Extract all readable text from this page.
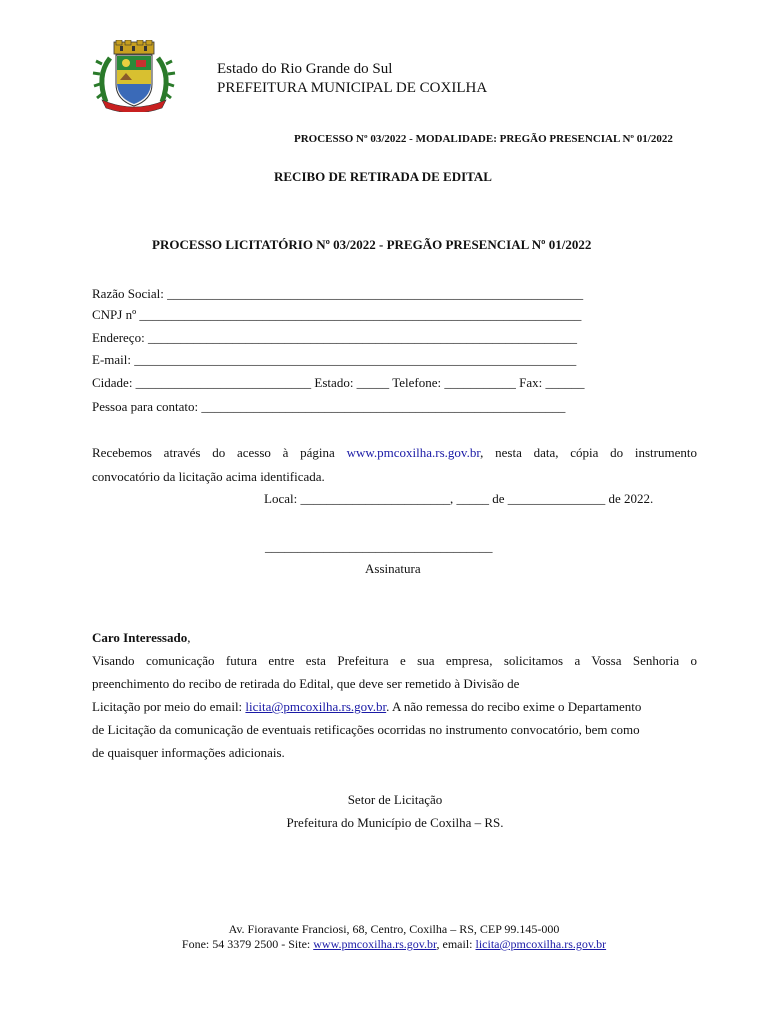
Estado do Rio Grande do Sul
PREFEITURA MUNICIPAL DE COXILHA
PROCESSO Nº 03/2022 - MODALIDADE: PREGÃO PRESENCIAL Nº 01/2022
RECIBO DE RETIRADA DE EDITAL
PROCESSO LICITATÓRIO Nº 03/2022 - PREGÃO PRESENCIAL Nº 01/2022
Razão Social: ________________________________________________________________
CNPJ nº ____________________________________________________________________
Endereço: __________________________________________________________________
E-mail: ____________________________________________________________________
Cidade: ___________________________ Estado: _____ Telefone: ___________ Fax: ______
Pessoa para contato: ________________________________________________________
Recebemos através do acesso à página www.pmcoxilha.rs.gov.br, nesta data, cópia do instrumento
convocatório da licitação acima identificada.
Local: _______________________, _____ de _______________ de 2022.
___________________________________
Assinatura
Caro Interessado,
Visando comunicação futura entre esta Prefeitura e sua empresa, solicitamos a Vossa Senhoria o
preenchimento do recibo de retirada do Edital, que deve ser remetido à Divisão de
Licitação por meio do email: licita@pmcoxilha.rs.gov.br. A não remessa do recibo exime o Departamento
de Licitação da comunicação de eventuais retificações ocorridas no instrumento convocatório, bem como
de quaisquer informações adicionais.
Setor de Licitação
Prefeitura do Município de Coxilha – RS.
Av. Fioravante Franciosi, 68, Centro, Coxilha – RS, CEP 99.145-000
Fone: 54 3379 2500 - Site: www.pmcoxilha.rs.gov.br, email: licita@pmcoxilha.rs.gov.br
